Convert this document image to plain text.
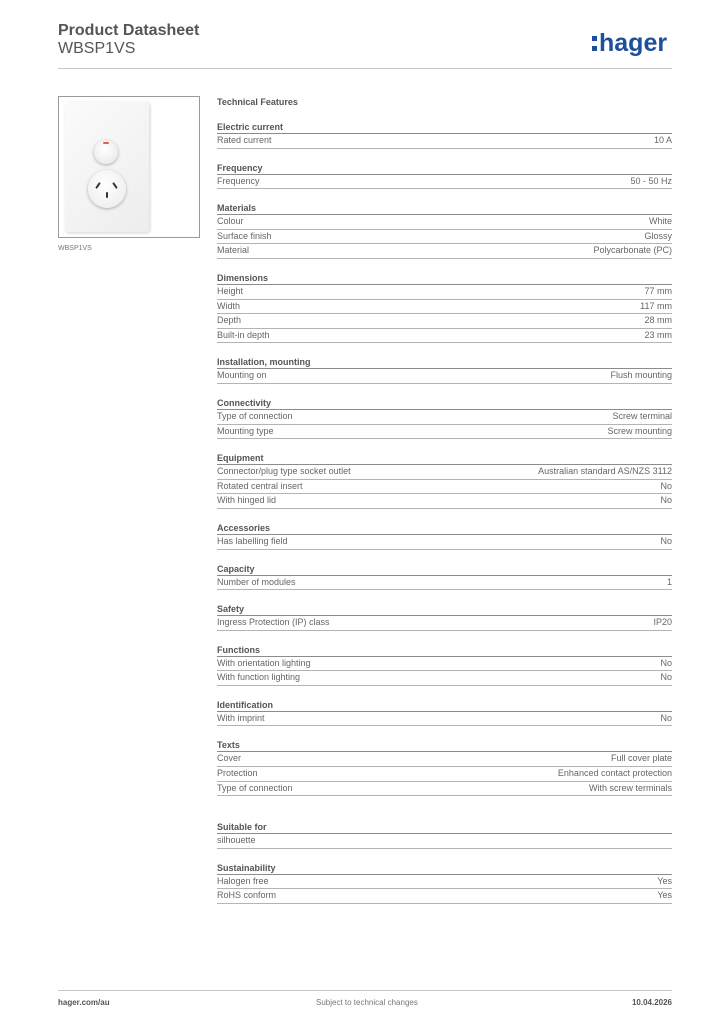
Product Datasheet
WBSP1VS	hager
WBSP1VS
Technical Features
Electric current
Rated current	10 A
Frequency
Frequency	50 - 50 Hz
Materials
Colour	White
Surface finish	Glossy
Material	Polycarbonate (PC)
Dimensions
Height	77 mm
Width	117 mm
Depth	28 mm
Built-in depth	23 mm
Installation, mounting
Mounting on	Flush mounting
Connectivity
Type of connection	Screw terminal
Mounting type	Screw mounting
Equipment
Connector/plug type socket outlet	Australian standard AS/NZS 3112
Rotated central insert	No
With hinged lid	No
Accessories
Has labelling field	No
Capacity
Number of modules	1
Safety
Ingress Protection (IP) class	IP20
Functions
With orientation lighting	No
With function lighting	No
Identification
With imprint	No
Texts
Cover	Full cover plate
Protection	Enhanced contact protection
Type of connection	With screw terminals
Suitable for
silhouette
Sustainability
Halogen free	Yes
RoHS conform	Yes
hager.com/au	Subject to technical changes	10.04.2026
